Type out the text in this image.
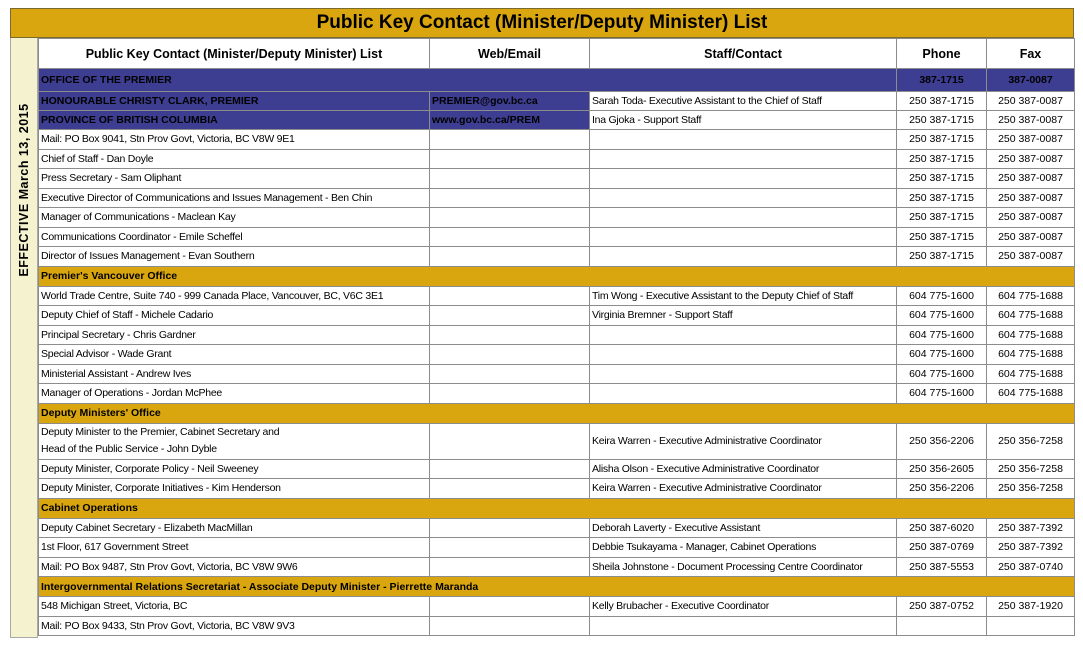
Public Key Contact (Minister/Deputy Minister) List
EFFECTIVE March 13, 2015
Public Key Contact (Minister/Deputy Minister) List	Web/Email	Staff/Contact	Phone	Fax
OFFICE OF THE PREMIER			387-1715	387-0087
HONOURABLE CHRISTY CLARK, PREMIER	PREMIER@gov.bc.ca	Sarah Toda- Executive Assistant to the Chief of Staff	250 387-1715	250 387-0087
PROVINCE OF BRITISH COLUMBIA	www.gov.bc.ca/PREM	Ina Gjoka - Support Staff	250 387-1715	250 387-0087
Mail: PO Box 9041, Stn Prov Govt, Victoria, BC V8W 9E1			250 387-1715	250 387-0087
Chief of Staff - Dan Doyle			250 387-1715	250 387-0087
Press Secretary - Sam Oliphant			250 387-1715	250 387-0087
Executive Director of Communications and Issues Management - Ben Chin			250 387-1715	250 387-0087
Manager of Communications - Maclean Kay			250 387-1715	250 387-0087
Communications Coordinator - Emile Scheffel			250 387-1715	250 387-0087
Director of Issues Management - Evan Southern			250 387-1715	250 387-0087
Premier's Vancouver Office				
World Trade Centre, Suite 740 - 999 Canada Place, Vancouver, BC, V6C 3E1		Tim Wong - Executive Assistant to the Deputy Chief of Staff	604 775-1600	604 775-1688
Deputy Chief of Staff - Michele Cadario		Virginia Bremner - Support Staff	604 775-1600	604 775-1688
Principal Secretary - Chris Gardner			604 775-1600	604 775-1688
Special Advisor - Wade Grant			604 775-1600	604 775-1688
Ministerial Assistant - Andrew Ives			604 775-1600	604 775-1688
Manager of Operations - Jordan McPhee			604 775-1600	604 775-1688
Deputy Ministers' Office				
Deputy Minister to the Premier, Cabinet Secretary and
Head of the Public Service - John Dyble		Keira Warren - Executive Administrative Coordinator	250 356-2206	250 356-7258
Deputy Minister, Corporate Policy - Neil Sweeney		Alisha Olson - Executive Administrative Coordinator	250 356-2605	250 356-7258
Deputy Minister, Corporate Initiatives - Kim Henderson		Keira Warren - Executive Administrative Coordinator	250 356-2206	250 356-7258
Cabinet Operations				
Deputy Cabinet Secretary - Elizabeth MacMillan		Deborah Laverty - Executive Assistant	250 387-6020	250 387-7392
1st Floor, 617 Government Street		Debbie Tsukayama - Manager, Cabinet Operations	250 387-0769	250 387-7392
Mail: PO Box 9487, Stn Prov Govt, Victoria, BC V8W 9W6		Sheila Johnstone - Document Processing Centre Coordinator	250 387-5553	250 387-0740
Intergovernmental Relations Secretariat - Associate Deputy Minister - Pierrette Maranda				
548 Michigan Street, Victoria, BC		Kelly Brubacher - Executive Coordinator	250 387-0752	250 387-1920
Mail: PO Box 9433, Stn Prov Govt, Victoria, BC V8W 9V3				
